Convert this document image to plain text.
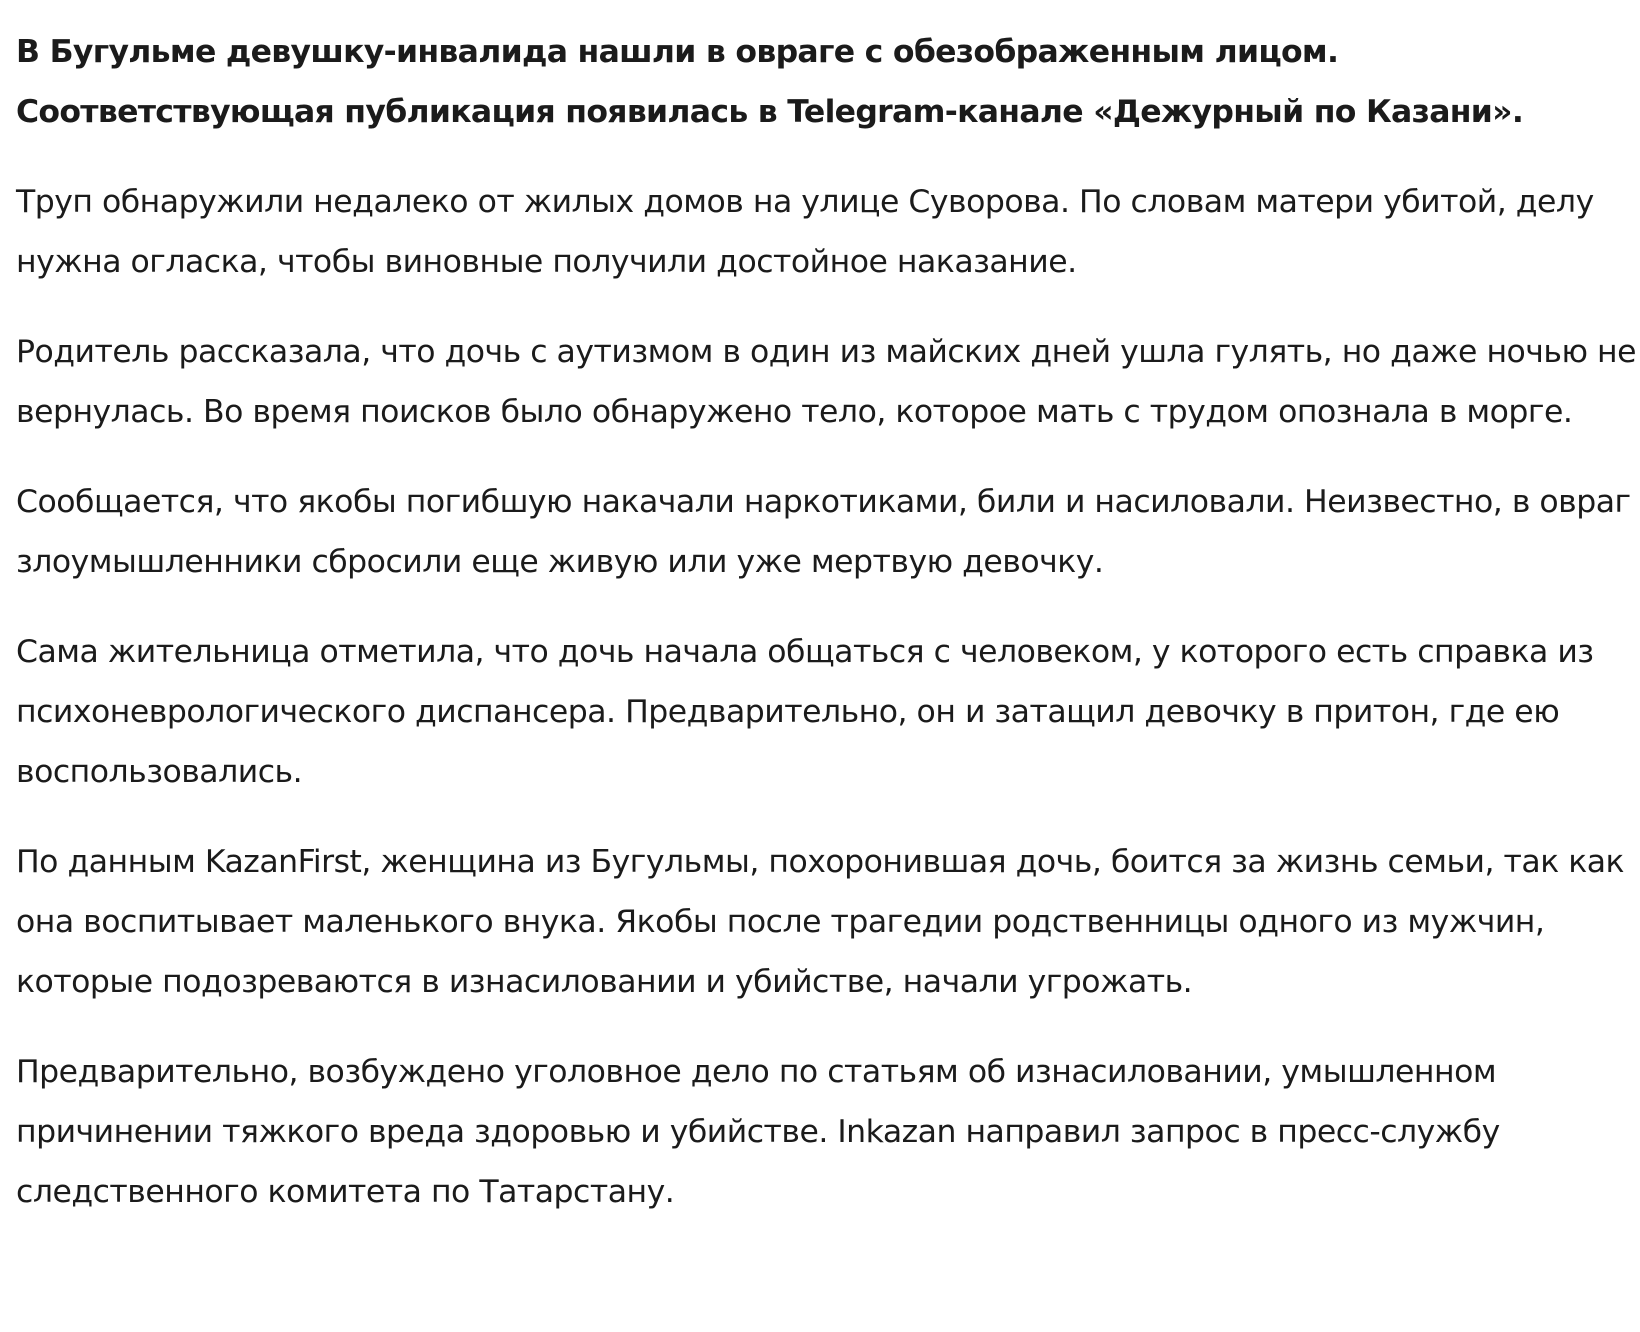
В Бугульме девушку-инвалида нашли в овраге с обезображенным лицом. Соответствующая публикация появилась в Telegram-канале «Дежурный по Казани».

Труп обнаружили недалеко от жилых домов на улице Суворова. По словам матери убитой, делу нужна огласка, чтобы виновные получили достойное наказание.

Родитель рассказала, что дочь с аутизмом в один из майских дней ушла гулять, но даже ночью не вернулась. Во время поисков было обнаружено тело, которое мать с трудом опознала в морге.

Сообщается, что якобы погибшую накачали наркотиками, били и насиловали. Неизвестно, в овраг злоумышленники сбросили еще живую или уже мертвую девочку.

Сама жительница отметила, что дочь начала общаться с человеком, у которого есть справка из психоневрологического диспансера. Предварительно, он и затащил девочку в притон, где ею воспользовались.

По данным KazanFirst, женщина из Бугульмы, похоронившая дочь, боится за жизнь семьи, так как она воспитывает маленького внука. Якобы после трагедии родственницы одного из мужчин, которые подозреваются в изнасиловании и убийстве, начали угрожать.

Предварительно, возбуждено уголовное дело по статьям об изнасиловании, умышленном причинении тяжкого вреда здоровью и убийстве. Inkazan направил запрос в пресс-службу следственного комитета по Татарстану.
